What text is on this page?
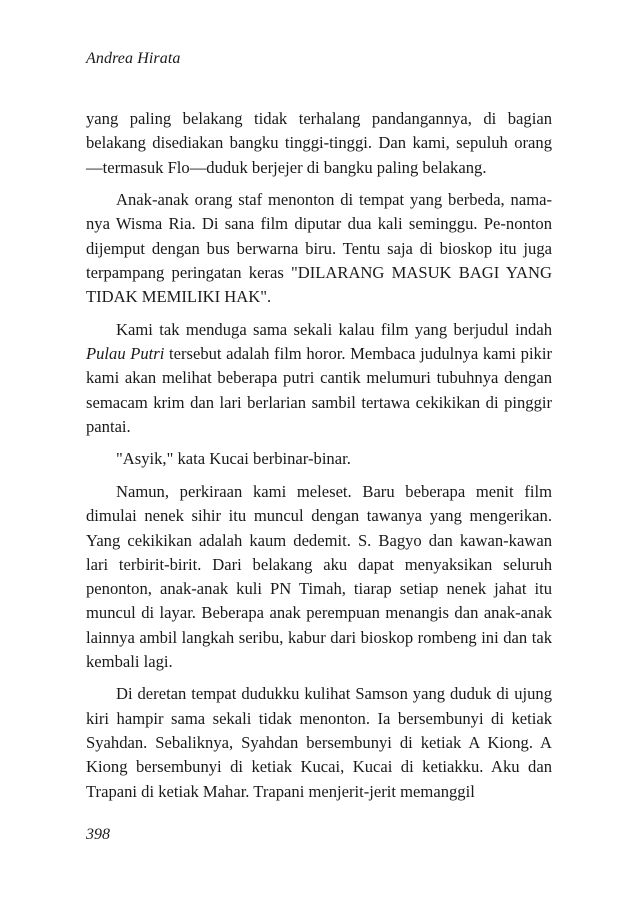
Andrea Hirata

yang paling belakang tidak terhalang pandangannya, di bagian belakang disediakan bangku tinggi-tinggi. Dan kami, sepuluh orang—termasuk Flo—duduk berjejer di bangku paling belakang.

Anak-anak orang staf menonton di tempat yang berbeda, nama-nya Wisma Ria. Di sana film diputar dua kali seminggu. Pe-nonton dijemput dengan bus berwarna biru. Tentu saja di bioskop itu juga terpampang peringatan keras "DILARANG MASUK BAGI YANG TIDAK MEMILIKI HAK".

Kami tak menduga sama sekali kalau film yang berjudul indah Pulau Putri tersebut adalah film horor. Membaca judulnya kami pikir kami akan melihat beberapa putri cantik melumuri tubuhnya dengan semacam krim dan lari berlarian sambil tertawa cekikikan di pinggir pantai.

"Asyik," kata Kucai berbinar-binar.

Namun, perkiraan kami meleset. Baru beberapa menit film dimulai nenek sihir itu muncul dengan tawanya yang mengerikan. Yang cekikikan adalah kaum dedemit. S. Bagyo dan kawan-kawan lari terbirit-birit. Dari belakang aku dapat menyaksikan seluruh penonton, anak-anak kuli PN Timah, tiarap setiap nenek jahat itu muncul di layar. Beberapa anak perempuan menangis dan anak-anak lainnya ambil langkah seribu, kabur dari bioskop rombeng ini dan tak kembali lagi.

Di deretan tempat dudukku kulihat Samson yang duduk di ujung kiri hampir sama sekali tidak menonton. Ia bersembunyi di ketiak Syahdan. Sebaliknya, Syahdan bersembunyi di ketiak A Kiong. A Kiong bersembunyi di ketiak Kucai, Kucai di ketiakku. Aku dan Trapani di ketiak Mahar. Trapani menjerit-jerit memanggil

398
